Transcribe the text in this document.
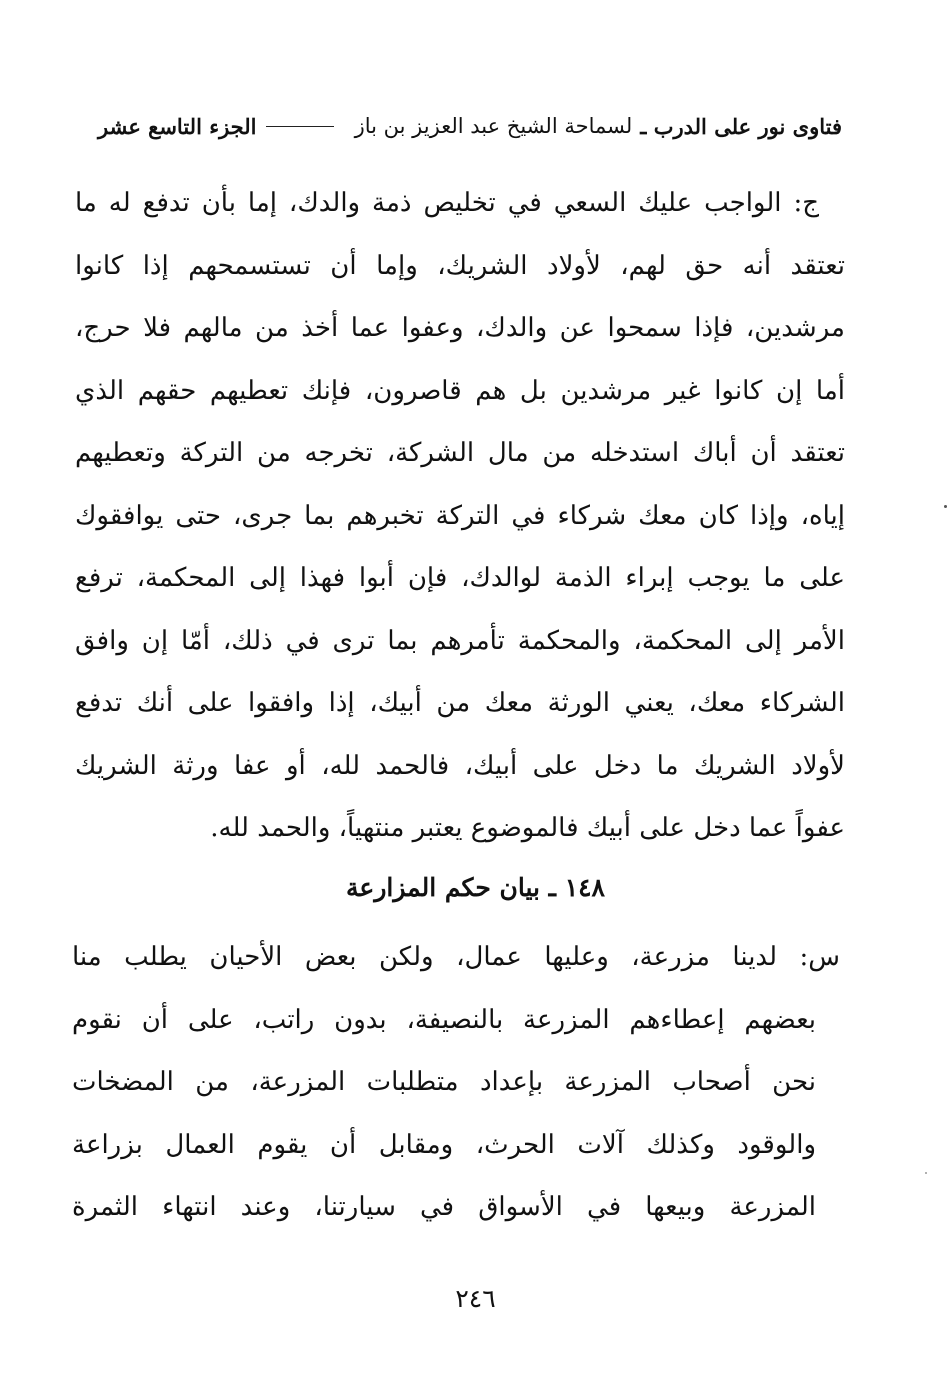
فتاوى نور على الدرب ـ
لسماحة الشيخ عبد العزيز بن باز
الجزء التاسع عشر
ج: الواجب عليك السعي في تخليص ذمة والدك، إما بأن تدفع له ما
تعتقد أنه حق لهم، لأولاد الشريك، وإما أن تستسمحهم إذا كانوا
مرشدين، فإذا سمحوا عن والدك، وعفوا عما أخذ من مالهم فلا حرج،
أما إن كانوا غير مرشدين بل هم قاصرون، فإنك تعطيهم حقهم الذي
تعتقد أن أباك استدخله من مال الشركة، تخرجه من التركة وتعطيهم
إياه، وإذا كان معك شركاء في التركة تخبرهم بما جرى، حتى يوافقوك
على ما يوجب إبراء الذمة لوالدك، فإن أبوا فهذا إلى المحكمة، ترفع
الأمر إلى المحكمة، والمحكمة تأمرهم بما ترى في ذلك، أمّا إن وافق
الشركاء معك، يعني الورثة معك من أبيك، إذا وافقوا على أنك تدفع
لأولاد الشريك ما دخل على أبيك، فالحمد لله، أو عفا ورثة الشريك
عفواً عما دخل على أبيك فالموضوع يعتبر منتهياً، والحمد لله.
١٤٨ ـ بيان حكم المزارعة
س: لدينا مزرعة، وعليها عمال، ولكن بعض الأحيان يطلب منا
بعضهم إعطاءهم المزرعة بالنصيفة، بدون راتب، على أن نقوم
نحن أصحاب المزرعة بإعداد متطلبات المزرعة، من المضخات
والوقود وكذلك آلات الحرث، ومقابل أن يقوم العمال بزراعة
المزرعة وبيعها في الأسواق في سيارتنا، وعند انتهاء الثمرة
٢٤٦
